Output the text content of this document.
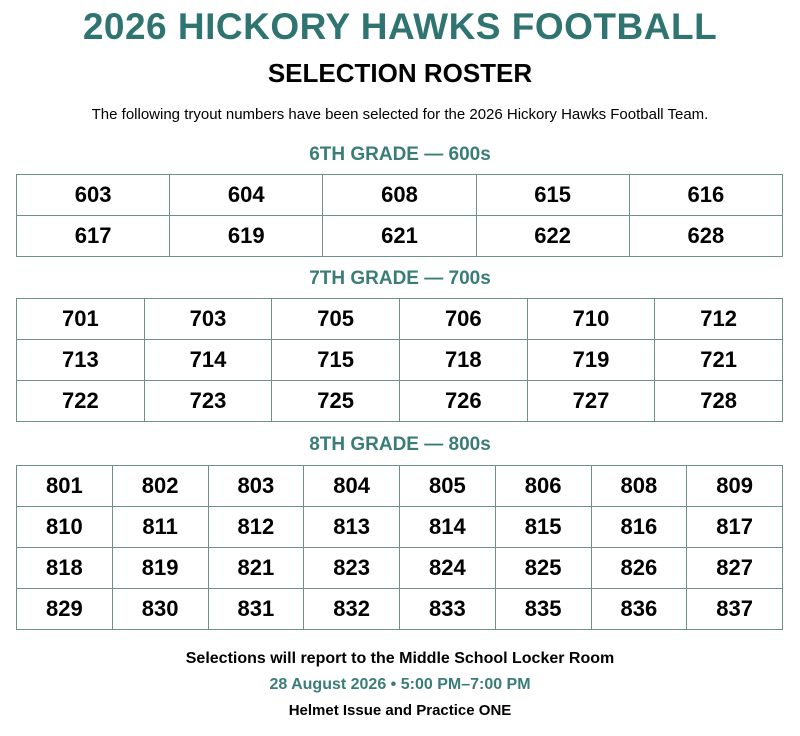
2026 HICKORY HAWKS FOOTBALL
SELECTION ROSTER
The following tryout numbers have been selected for the 2026 Hickory Hawks Football Team.
6TH GRADE — 600s
603	604	608	615	616
617	619	621	622	628
7TH GRADE — 700s
701	703	705	706	710	712
713	714	715	718	719	721
722	723	725	726	727	728
8TH GRADE — 800s
801	802	803	804	805	806	808	809
810	811	812	813	814	815	816	817
818	819	821	823	824	825	826	827
829	830	831	832	833	835	836	837
Selections will report to the Middle School Locker Room
28 August 2026 • 5:00 PM–7:00 PM
Helmet Issue and Practice ONE
